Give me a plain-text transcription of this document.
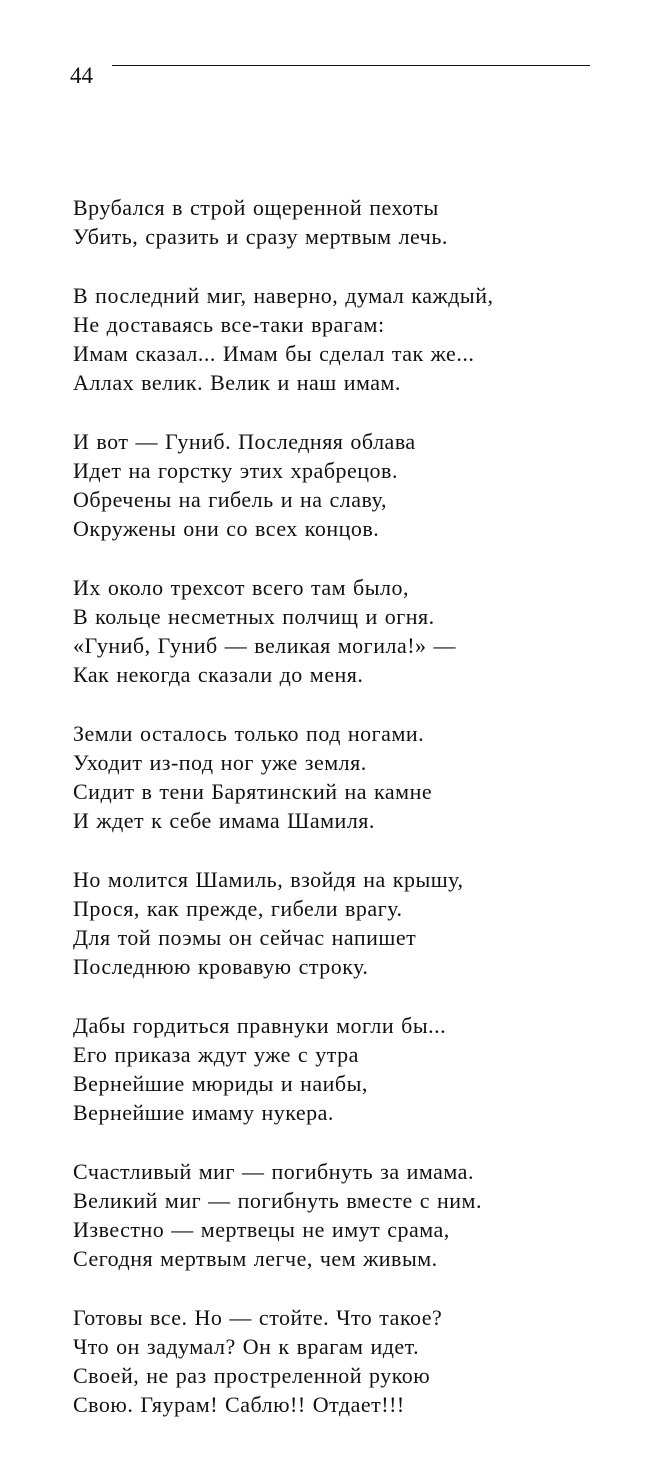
44
Врубался в строй ощеренной пехоты
Убить, сразить и сразу мертвым лечь.
В последний миг, наверно, думал каждый,
Не доставаясь все-таки врагам:
Имам сказал... Имам бы сделал так же...
Аллах велик. Велик и наш имам.
И вот — Гуниб. Последняя облава
Идет на горстку этих храбрецов.
Обречены на гибель и на славу,
Окружены они со всех концов.
Их около трехсот всего там было,
В кольце несметных полчищ и огня.
«Гуниб, Гуниб — великая могила!» —
Как некогда сказали до меня.
Земли осталось только под ногами.
Уходит из-под ног уже земля.
Сидит в тени Барятинский на камне
И ждет к себе имама Шамиля.
Но молится Шамиль, взойдя на крышу,
Прося, как прежде, гибели врагу.
Для той поэмы он сейчас напишет
Последнюю кровавую строку.
Дабы гордиться правнуки могли бы...
Его приказа ждут уже с утра
Вернейшие мюриды и наибы,
Вернейшие имаму нукера.
Счастливый миг — погибнуть за имама.
Великий миг — погибнуть вместе с ним.
Известно — мертвецы не имут срама,
Сегодня мертвым легче, чем живым.
Готовы все. Но — стойте. Что такое?
Что он задумал? Он к врагам идет.
Своей, не раз простреленной рукою
Свою. Гяурам! Саблю!! Отдает!!!
